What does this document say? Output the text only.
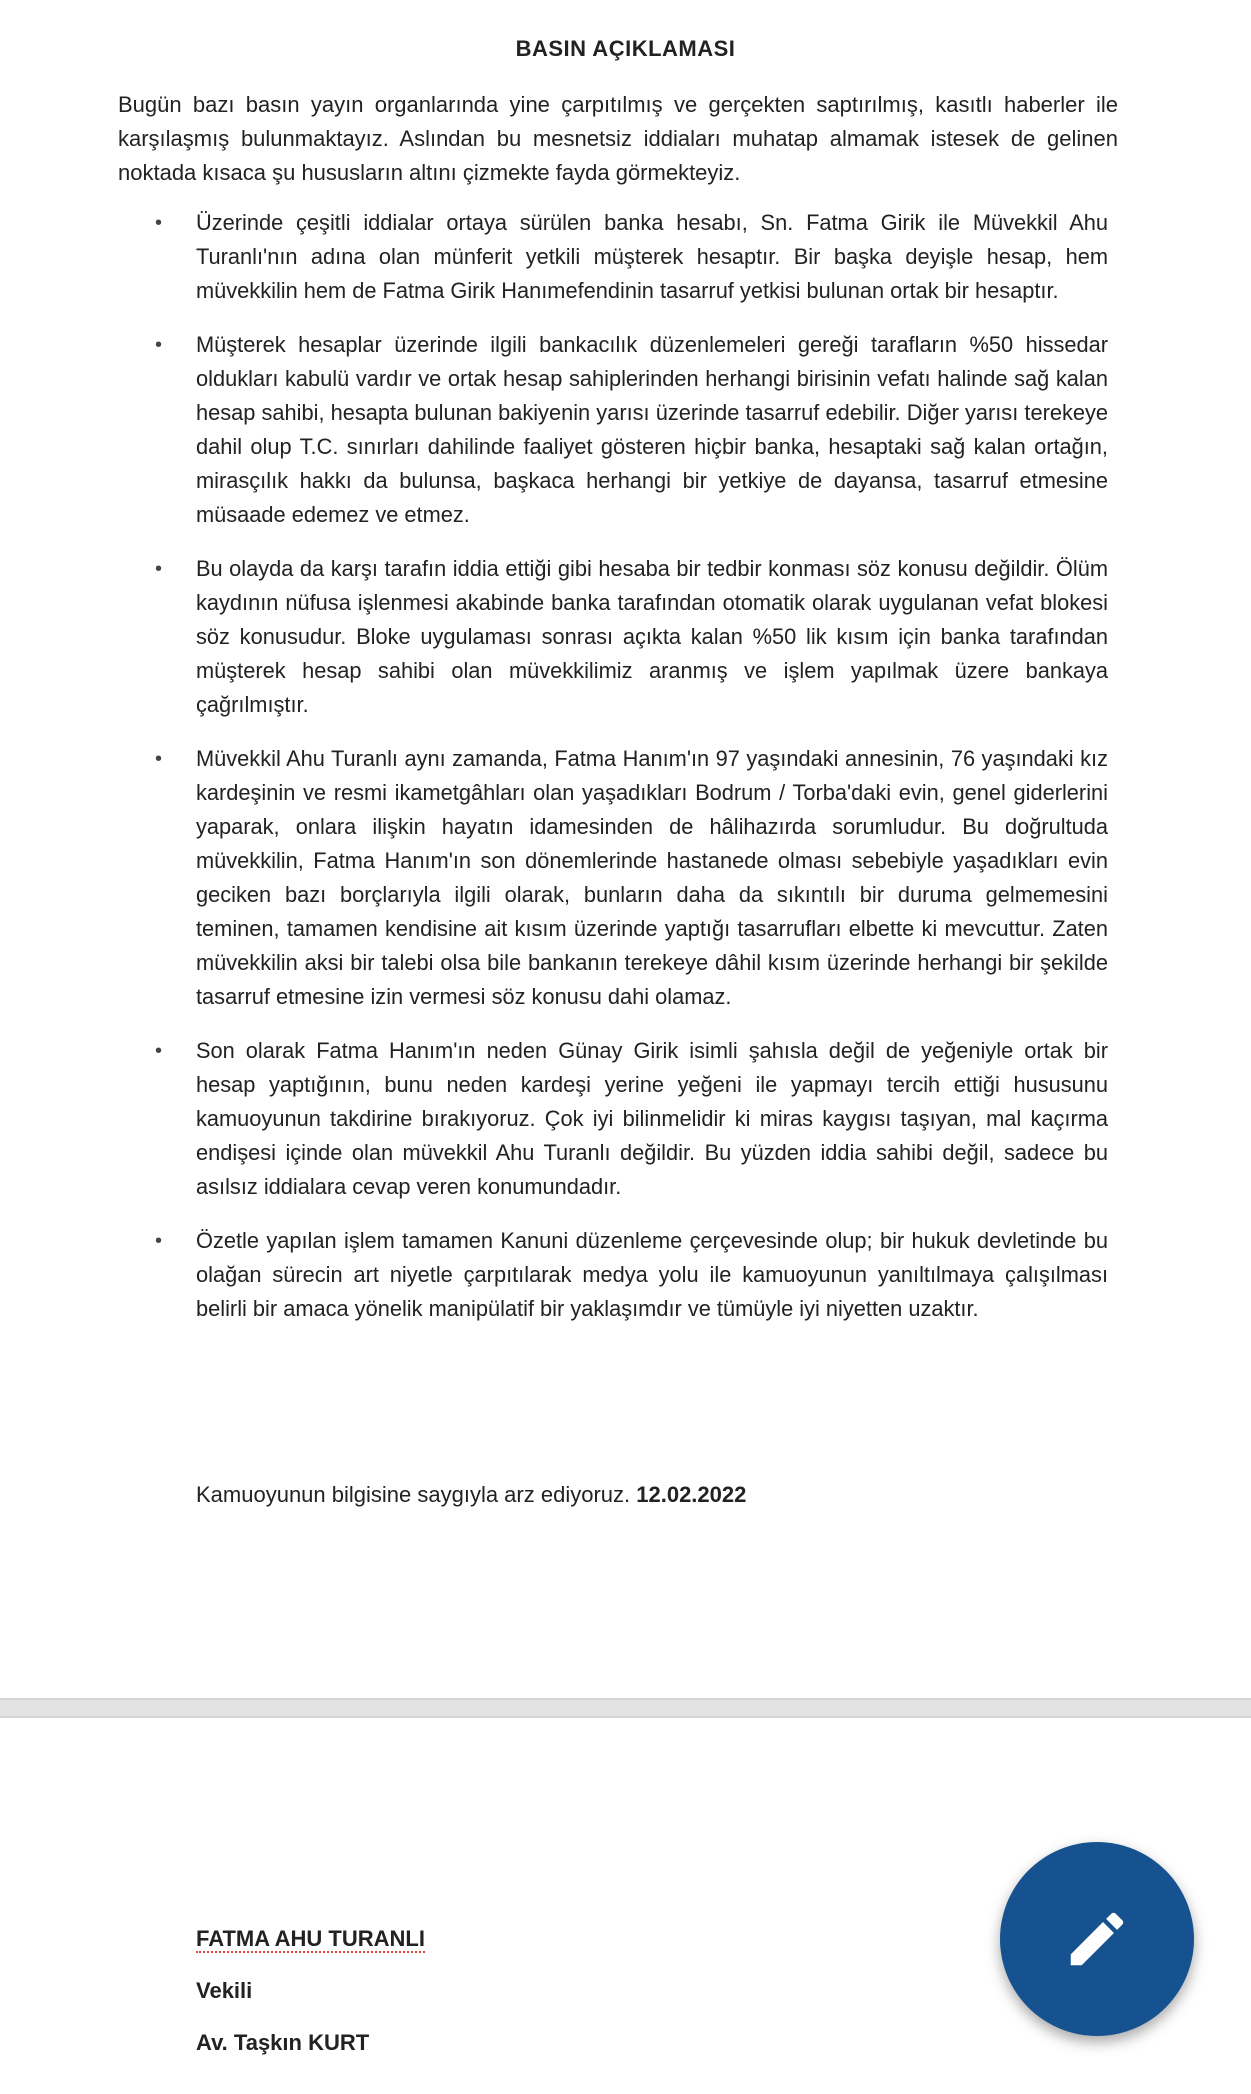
BASIN AÇIKLAMASI
Bugün bazı basın yayın organlarında yine çarpıtılmış ve gerçekten saptırılmış, kasıtlı haberler ile karşılaşmış bulunmaktayız. Aslından bu mesnetsiz iddiaları muhatap almamak istesek de gelinen noktada kısaca şu hususların altını çizmekte fayda görmekteyiz.
• Üzerinde çeşitli iddialar ortaya sürülen banka hesabı, Sn. Fatma Girik ile Müvekkil Ahu Turanlı'nın adına olan münferit yetkili müşterek hesaptır. Bir başka deyişle hesap, hem müvekkilin hem de Fatma Girik Hanımefendinin tasarruf yetkisi bulunan ortak bir hesaptır.
• Müşterek hesaplar üzerinde ilgili bankacılık düzenlemeleri gereği tarafların %50 hissedar oldukları kabulü vardır ve ortak hesap sahiplerinden herhangi birisinin vefatı halinde sağ kalan hesap sahibi, hesapta bulunan bakiyenin yarısı üzerinde tasarruf edebilir. Diğer yarısı terekeye dahil olup T.C. sınırları dahilinde faaliyet gösteren hiçbir banka, hesaptaki sağ kalan ortağın, mirasçılık hakkı da bulunsa, başkaca herhangi bir yetkiye de dayansa, tasarruf etmesine müsaade edemez ve etmez.
• Bu olayda da karşı tarafın iddia ettiği gibi hesaba bir tedbir konması söz konusu değildir. Ölüm kaydının nüfusa işlenmesi akabinde banka tarafından otomatik olarak uygulanan vefat blokesi söz konusudur. Bloke uygulaması sonrası açıkta kalan %50 lik kısım için banka tarafından müşterek hesap sahibi olan müvekkilimiz aranmış ve işlem yapılmak üzere bankaya çağrılmıştır.
• Müvekkil Ahu Turanlı aynı zamanda, Fatma Hanım'ın 97 yaşındaki annesinin, 76 yaşındaki kız kardeşinin ve resmi ikametgâhları olan yaşadıkları Bodrum / Torba'daki evin, genel giderlerini yaparak, onlara ilişkin hayatın idamesinden de hâlihazırda sorumludur. Bu doğrultuda müvekkilin, Fatma Hanım'ın son dönemlerinde hastanede olması sebebiyle yaşadıkları evin geciken bazı borçlarıyla ilgili olarak, bunların daha da sıkıntılı bir duruma gelmemesini teminen, tamamen kendisine ait kısım üzerinde yaptığı tasarrufları elbette ki mevcuttur. Zaten müvekkilin aksi bir talebi olsa bile bankanın terekeye dâhil kısım üzerinde herhangi bir şekilde tasarruf etmesine izin vermesi söz konusu dahi olamaz.
• Son olarak Fatma Hanım'ın neden Günay Girik isimli şahısla değil de yeğeniyle ortak bir hesap yaptığının, bunu neden kardeşi yerine yeğeni ile yapmayı tercih ettiği hususunu kamuoyunun takdirine bırakıyoruz. Çok iyi bilinmelidir ki miras kaygısı taşıyan, mal kaçırma endişesi içinde olan müvekkil Ahu Turanlı değildir. Bu yüzden iddia sahibi değil, sadece bu asılsız iddialara cevap veren konumundadır.
• Özetle yapılan işlem tamamen Kanuni düzenleme çerçevesinde olup; bir hukuk devletinde bu olağan sürecin art niyetle çarpıtılarak medya yolu ile kamuoyunun yanıltılmaya çalışılması belirli bir amaca yönelik manipülatif bir yaklaşımdır ve tümüyle iyi niyetten uzaktır.
Kamuoyunun bilgisine saygıyla arz ediyoruz. 12.02.2022
FATMA AHU TURANLI
Vekili
Av. Taşkın KURT
